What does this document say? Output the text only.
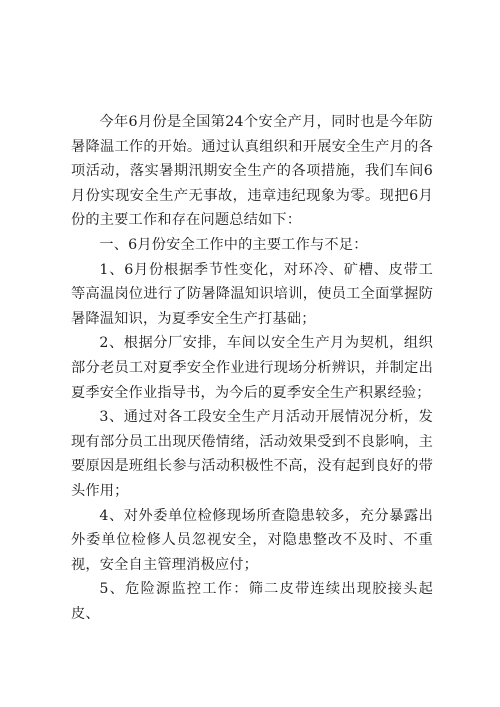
今年6月份是全国第24个安全产月，同时也是今年防暑降温工作的开始。通过认真组织和开展安全生产月的各项活动，落实暑期汛期安全生产的各项措施，我们车间6月份实现安全生产无事故，违章违纪现象为零。现把6月份的主要工作和存在问题总结如下：

一、6月份安全工作中的主要工作与不足：

1、6月份根据季节性变化，对环冷、矿槽、皮带工等高温岗位进行了防暑降温知识培训，使员工全面掌握防暑降温知识，为夏季安全生产打基础；

2、根据分厂安排，车间以安全生产月为契机，组织部分老员工对夏季安全作业进行现场分析辨识，并制定出夏季安全作业指导书，为今后的夏季安全生产积累经验；

3、通过对各工段安全生产月活动开展情况分析，发现有部分员工出现厌倦情绪，活动效果受到不良影响，主要原因是班组长参与活动积极性不高，没有起到良好的带头作用；

4、对外委单位检修现场所查隐患较多，充分暴露出外委单位检修人员忽视安全，对隐患整改不及时、不重视，安全自主管理消极应付；

5、危险源监控工作：筛二皮带连续出现胶接头起皮、
